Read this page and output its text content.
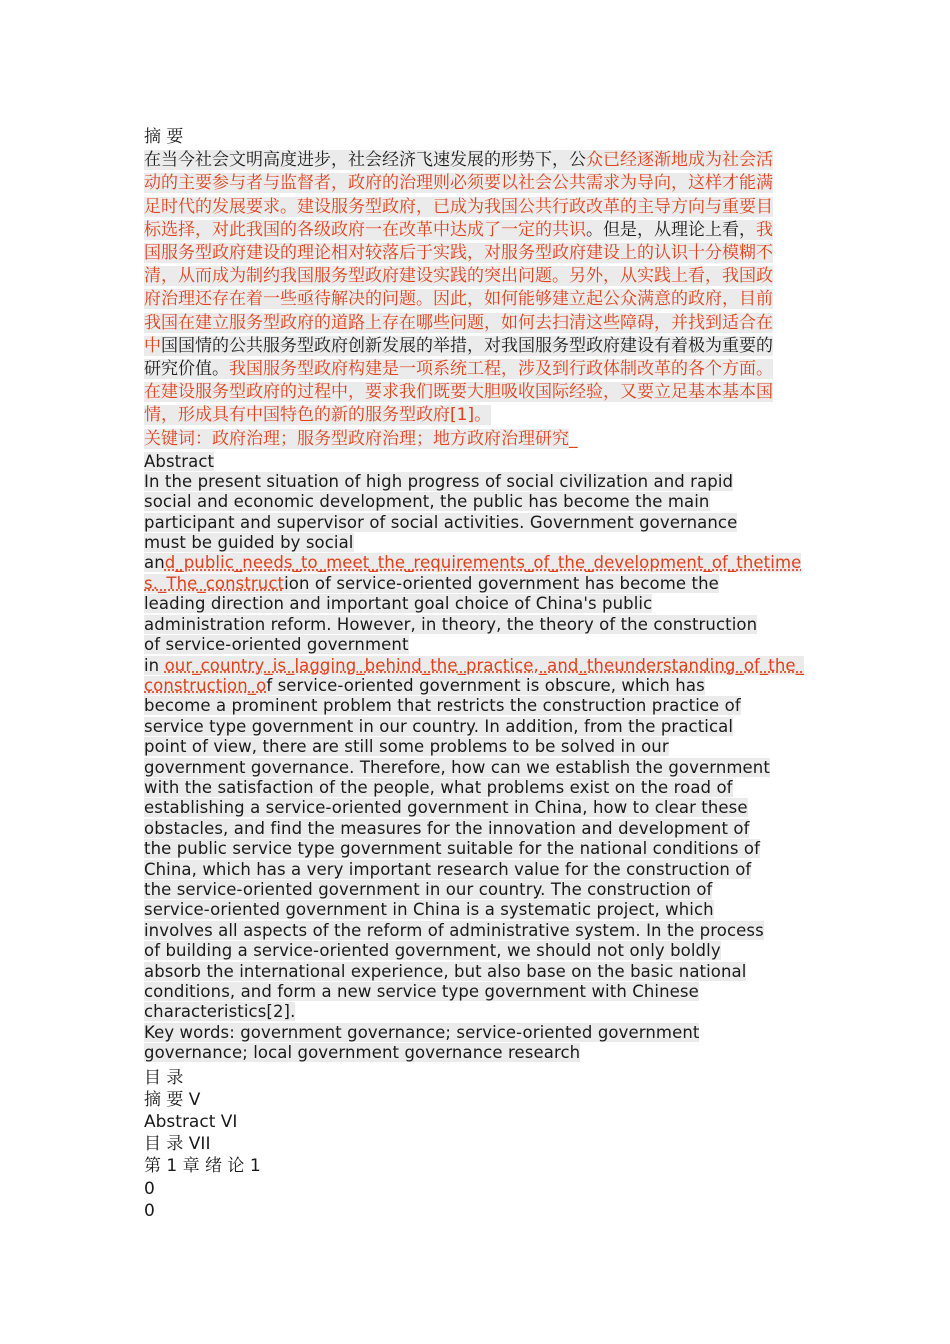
摘 要
在当今社会文明高度进步，社会经济飞速发展的形势下，公众已经逐渐地成为社会活
动的主要参与者与监督者，政府的治理则必须要以社会公共需求为导向，这样才能满
足时代的发展要求。建设服务型政府，已成为我国公共行政改革的主导方向与重要目
标选择，对此我国的各级政府一在改革中达成了一定的共识。但是，从理论上看，我
国服务型政府建设的理论相对较落后于实践，对服务型政府建设上的认识十分模糊不
清，从而成为制约我国服务型政府建设实践的突出问题。另外，从实践上看，我国政
府治理还存在着一些亟待解决的问题。因此，如何能够建立起公众满意的政府，目前
我国在建立服务型政府的道路上存在哪些问题，如何去扫清这些障碍，并找到适合在
中国国情的公共服务型政府创新发展的举措，对我国服务型政府建设有着极为重要的
研究价值。我国服务型政府构建是一项系统工程，涉及到行政体制改革的各个方面。
在建设服务型政府的过程中，要求我们既要大胆吸收国际经验，又要立足基本基本国
情，形成具有中国特色的新的服务型政府[1]。
关键词：政府治理；服务型政府治理；地方政府治理研究_
Abstract
In the present situation of high progress of social civilization and rapid
social and economic development, the public has become the main
participant and supervisor of social activities. Government governance
must be guided by social
and_public_needs_to_meet_the_requirements_of_the_development_of_thetime
s._The_construction of service-oriented government has become the
leading direction and important goal choice of China's public
administration reform. However, in theory, the theory of the construction
of service-oriented government
in our_country_is_lagging_behind_the_practice,_and_theunderstanding_of_the_
construction_of service-oriented government is obscure, which has
become a prominent problem that restricts the construction practice of
service type government in our country. In addition, from the practical
point of view, there are still some problems to be solved in our
government governance. Therefore, how can we establish the government
with the satisfaction of the people, what problems exist on the road of
establishing a service-oriented government in China, how to clear these
obstacles, and find the measures for the innovation and development of
the public service type government suitable for the national conditions of
China, which has a very important research value for the construction of
the service-oriented government in our country. The construction of
service-oriented government in China is a systematic project, which
involves all aspects of the reform of administrative system. In the process
of building a service-oriented government, we should not only boldly
absorb the international experience, but also base on the basic national
conditions, and form a new service type government with Chinese
characteristics[2].
Key words: government governance; service-oriented government
governance; local government governance research
目 录
摘 要 V
Abstract VI
目 录 VII
第 1 章 绪 论 1
0
0
